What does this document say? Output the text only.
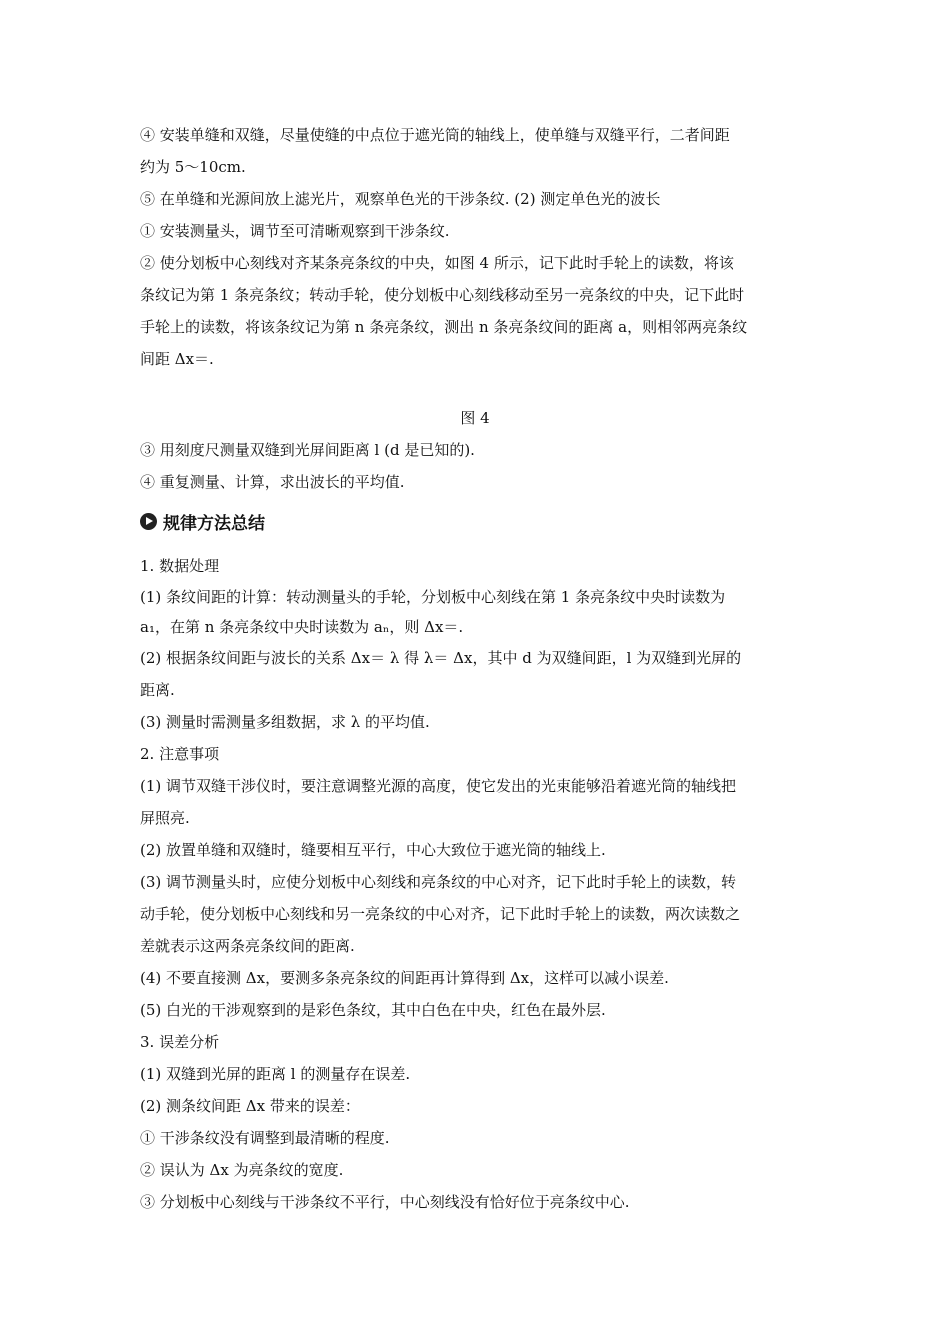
④ 安装单缝和双缝，尽量使缝的中点位于遮光筒的轴线上，使单缝与双缝平行，二者间距
约为 5～10cm.
⑤ 在单缝和光源间放上滤光片，观察单色光的干涉条纹. (2) 测定单色光的波长
① 安装测量头，调节至可清晰观察到干涉条纹.
② 使分划板中心刻线对齐某条亮条纹的中央，如图 4 所示，记下此时手轮上的读数，将该
条纹记为第 1 条亮条纹；转动手轮，使分划板中心刻线移动至另一亮条纹的中央，记下此时
手轮上的读数，将该条纹记为第 n 条亮条纹，测出 n 条亮条纹间的距离 a，则相邻两亮条纹
间距 Δx＝.
图 4
③ 用刻度尺测量双缝到光屏间距离 l (d 是已知的).
④ 重复测量、计算，求出波长的平均值.
规律方法总结
1. 数据处理
(1) 条纹间距的计算：转动测量头的手轮，分划板中心刻线在第 1 条亮条纹中央时读数为
a₁，在第 n 条亮条纹中央时读数为 aₙ，则 Δx＝.
(2) 根据条纹间距与波长的关系 Δx＝ λ 得 λ＝ Δx，其中 d 为双缝间距，l 为双缝到光屏的
距离.
(3) 测量时需测量多组数据，求 λ 的平均值.
2. 注意事项
(1) 调节双缝干涉仪时，要注意调整光源的高度，使它发出的光束能够沿着遮光筒的轴线把
屏照亮.
(2) 放置单缝和双缝时，缝要相互平行，中心大致位于遮光筒的轴线上.
(3) 调节测量头时，应使分划板中心刻线和亮条纹的中心对齐，记下此时手轮上的读数，转
动手轮，使分划板中心刻线和另一亮条纹的中心对齐，记下此时手轮上的读数，两次读数之
差就表示这两条亮条纹间的距离.
(4) 不要直接测 Δx，要测多条亮条纹的间距再计算得到 Δx，这样可以减小误差.
(5) 白光的干涉观察到的是彩色条纹，其中白色在中央，红色在最外层.
3. 误差分析
(1) 双缝到光屏的距离 l 的测量存在误差.
(2) 测条纹间距 Δx 带来的误差：
① 干涉条纹没有调整到最清晰的程度.
② 误认为 Δx 为亮条纹的宽度.
③ 分划板中心刻线与干涉条纹不平行，中心刻线没有恰好位于亮条纹中心.
